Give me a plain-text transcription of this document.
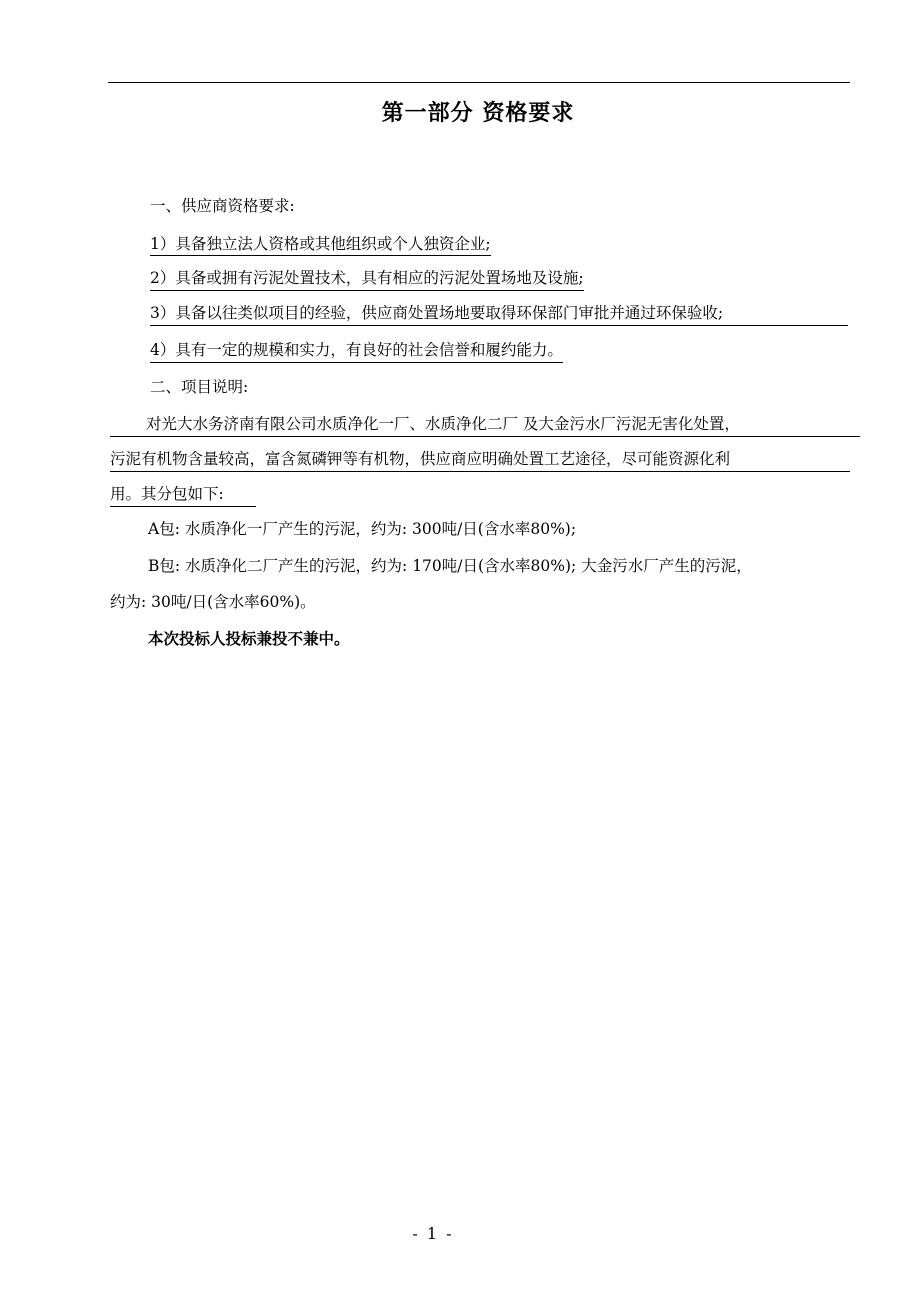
第一部分 资格要求
一、供应商资格要求:
1）具备独立法人资格或其他组织或个人独资企业;
2）具备或拥有污泥处置技术，具有相应的污泥处置场地及设施;
3）具备以往类似项目的经验，供应商处置场地要取得环保部门审批并通过环保验收;
4）具有一定的规模和实力，有良好的社会信誉和履约能力。
二、项目说明:
对光大水务济南有限公司水质净化一厂、水质净化二厂 及大金污水厂污泥无害化处置，
污泥有机物含量较高，富含氮磷钾等有机物，供应商应明确处置工艺途径，尽可能资源化利
用。其分包如下:
A包: 水质净化一厂产生的污泥，约为: 300吨/日(含水率80%);
B包: 水质净化二厂产生的污泥，约为: 170吨/日(含水率80%); 大金污水厂产生的污泥，
约为: 30吨/日(含水率60%)。
本次投标人投标兼投不兼中。
- 1 -
